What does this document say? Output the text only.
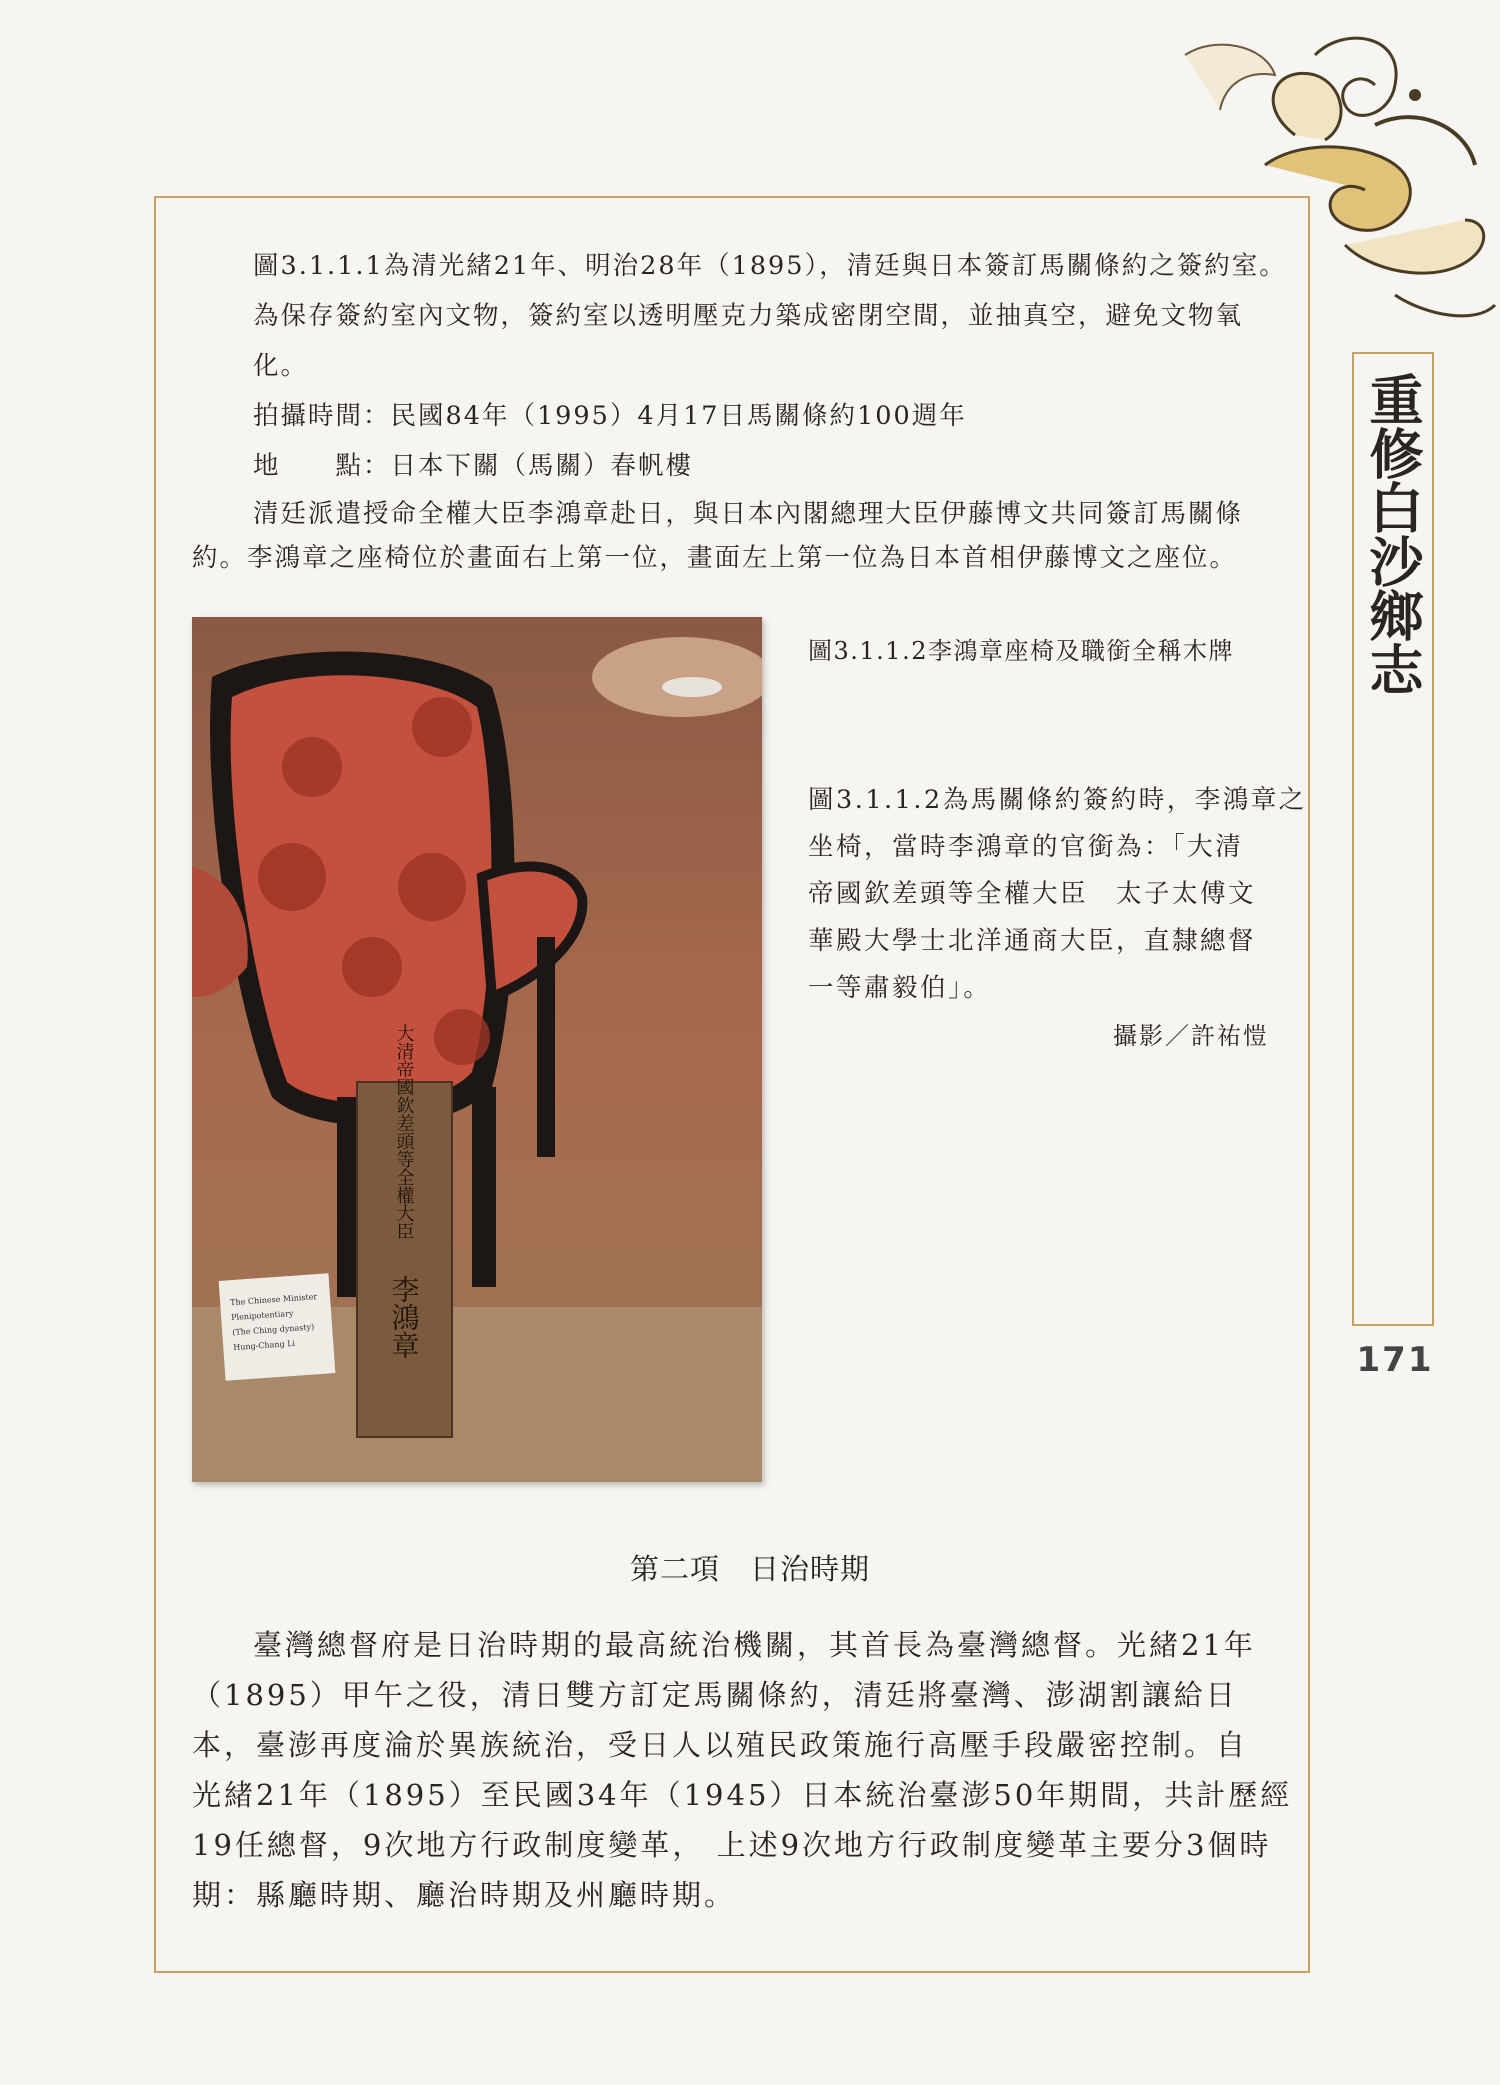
重修白沙鄉志
171
圖3.1.1.1為清光緒21年、明治28年（1895），清廷與日本簽訂馬關條約之簽約室。
為保存簽約室內文物，簽約室以透明壓克力築成密閉空間，並抽真空，避免文物氧
化。
拍攝時間：民國84年（1995）4月17日馬關條約100週年
地　　點：日本下關（馬關）春帆樓
清廷派遣授命全權大臣李鴻章赴日，與日本內閣總理大臣伊藤博文共同簽訂馬關條
約。李鴻章之座椅位於畫面右上第一位，畫面左上第一位為日本首相伊藤博文之座位。
大清帝國欽差頭等全權大臣
李鴻章
The Chinese Minister
Plenipotentiary
(The Ching dynasty)
Hung-Chang Li
圖3.1.1.2李鴻章座椅及職銜全稱木牌
圖3.1.1.2為馬關條約簽約時，李鴻章之
坐椅，當時李鴻章的官銜為：「大清
帝國欽差頭等全權大臣　太子太傅文
華殿大學士北洋通商大臣，直隸總督
一等肅毅伯」。
攝影／許祐愷
第二項　日治時期
臺灣總督府是日治時期的最高統治機關，其首長為臺灣總督。光緒21年
（1895）甲午之役，清日雙方訂定馬關條約，清廷將臺灣、澎湖割讓給日
本，臺澎再度淪於異族統治，受日人以殖民政策施行高壓手段嚴密控制。自
光緒21年（1895）至民國34年（1945）日本統治臺澎50年期間，共計歷經
19任總督，9次地方行政制度變革， 上述9次地方行政制度變革主要分3個時
期：縣廳時期、廳治時期及州廳時期。
